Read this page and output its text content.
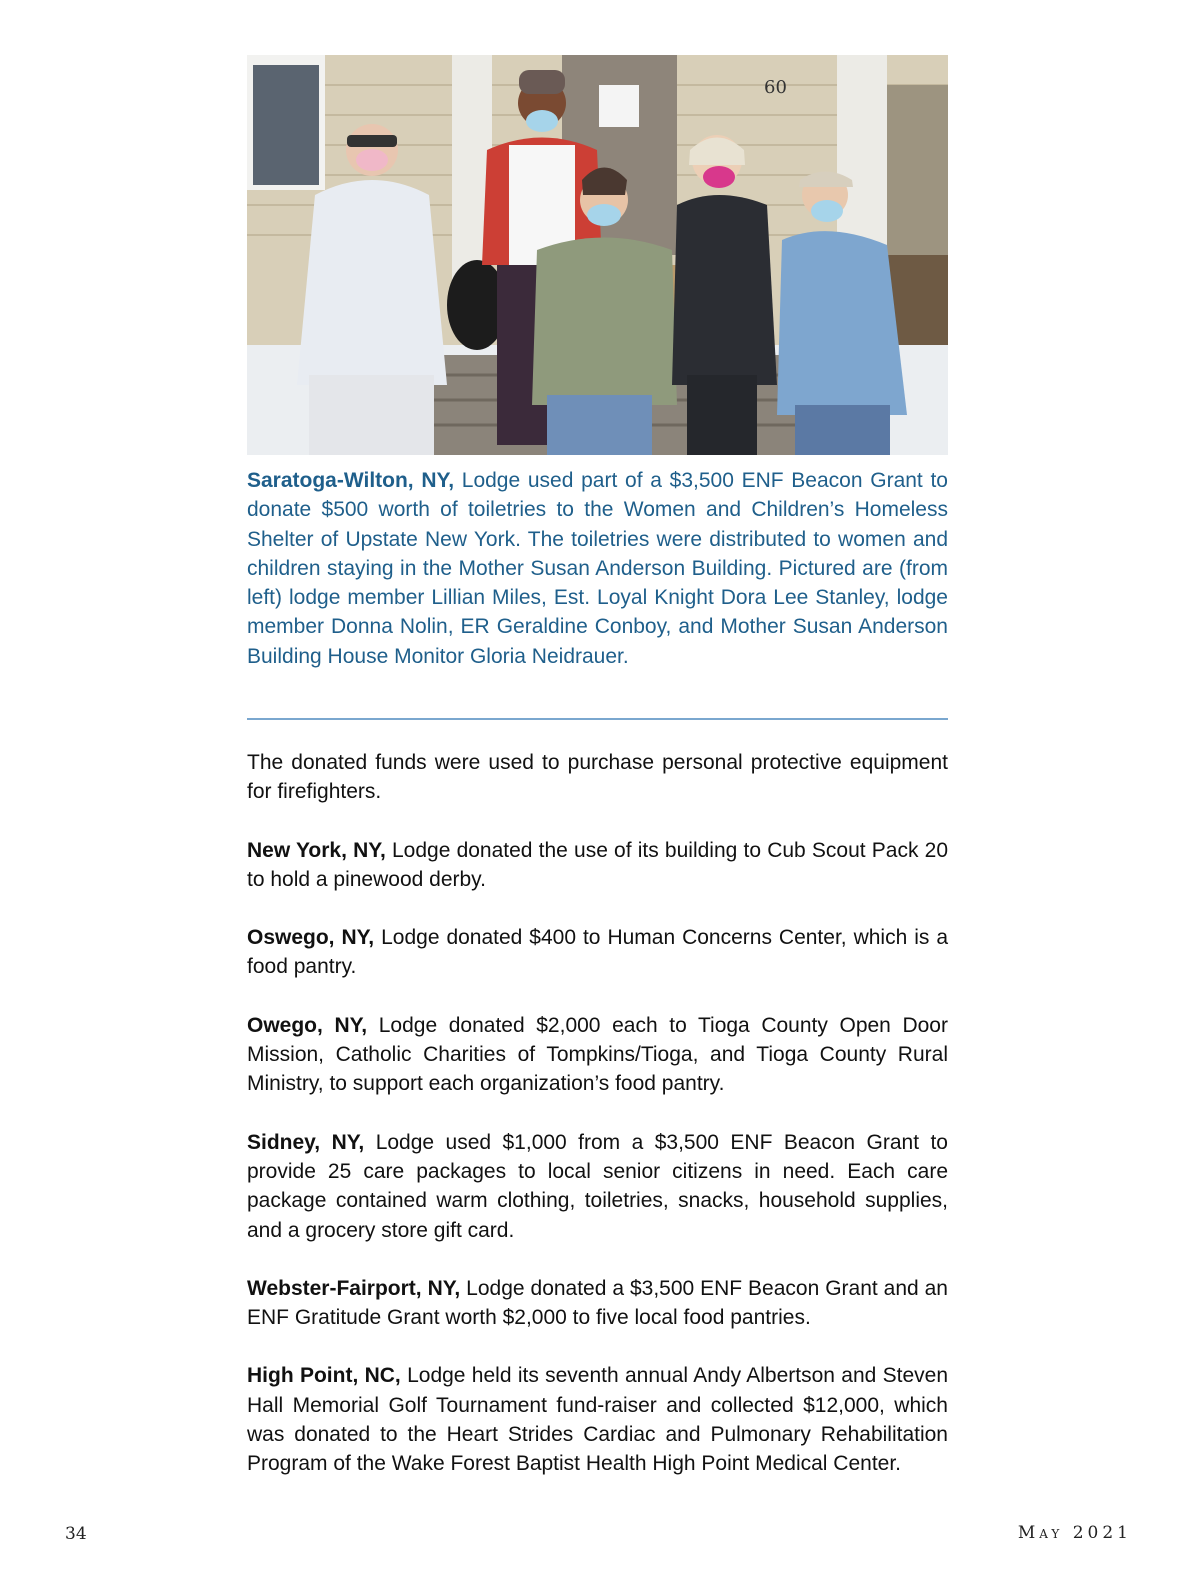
60
Saratoga-Wilton, NY, Lodge used part of a $3,500 ENF Beacon Grant to donate $500 worth of toiletries to the Women and Children’s Homeless Shelter of Upstate New York. The toiletries were distributed to women and children staying in the Mother Susan Anderson Building. Pictured are (from left) lodge member Lillian Miles, Est. Loyal Knight Dora Lee Stanley, lodge member Donna Nolin, ER Geraldine Conboy, and Mother Susan Anderson Building House Monitor Gloria Neidrauer.

The donated funds were used to purchase personal protective equipment for firefighters.

New York, NY, Lodge donated the use of its building to Cub Scout Pack 20 to hold a pinewood derby.

Oswego, NY, Lodge donated $400 to Human Concerns Center, which is a food pantry.

Owego, NY, Lodge donated $2,000 each to Tioga County Open Door Mission, Catholic Charities of Tompkins/Tioga, and Tioga County Rural Ministry, to support each organization’s food pantry.

Sidney, NY, Lodge used $1,000 from a $3,500 ENF Beacon Grant to provide 25 care packages to local senior citizens in need. Each care package contained warm clothing, toiletries, snacks, household supplies, and a grocery store gift card.

Webster-Fairport, NY, Lodge donated a $3,500 ENF Beacon Grant and an ENF Gratitude Grant worth $2,000 to five local food pantries.

High Point, NC, Lodge held its seventh annual Andy Albertson and Steven Hall Memorial Golf Tournament fund-raiser and collected $12,000, which was donated to the Heart Strides Cardiac and Pulmonary Rehabilitation Program of the Wake Forest Baptist Health High Point Medical Center.

34	May 2021
